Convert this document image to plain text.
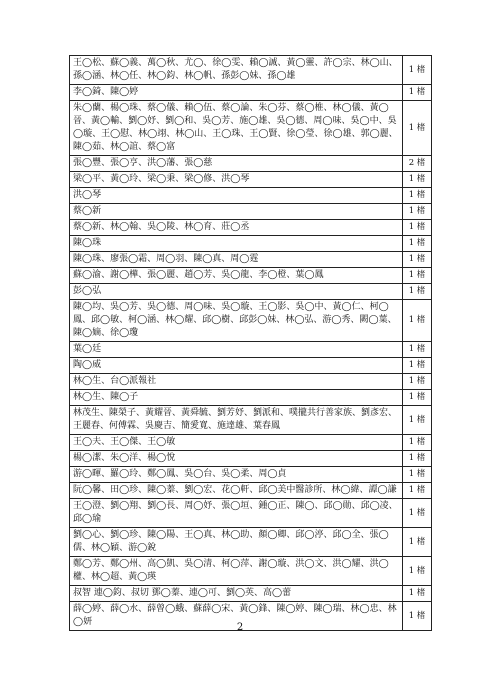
王◯松、蘇◯義、萬◯秋、尤◯、徐◯雯、賴◯誠、黃◯靈、許◯宗、林◯山、孫◯涵、林◯任、林◯鈞、林◯帆、孫彭◯妹、孫◯雄	1 楮
李◯錡、陳◯婷	1 楮
朱◯蘭、楊◯珠、蔡◯儀、賴◯伍、蔡◯論、朱◯芬、蔡◯椎、林◯儀、黃◯晉、黃◯輸、劉◯妤、劉◯和、吳◯芳、施◯雄、吳◯德、周◯味、吳◯中、吳◯璇、王◯慰、林◯翊、林◯山、王◯珠、王◯賢、徐◯瑩、徐◯雄、郭◯麗、陳◯茹、林◯誼、蔡◯富	1 楮
張◯豐、張◯亨、洪◯藩、張◯慈	2 楮
梁◯平、黃◯玲、梁◯秉、梁◯修、洪◯琴	1 楮
洪◯琴	1 楮
蔡◯新	1 楮
蔡◯新、林◯翰、吳◯陵、林◯育、莊◯丞	1 楮
陳◯珠	1 楮
陳◯珠、廖張◯霜、周◯羽、陳◯真、周◯霆	1 楮
蘇◯渝、謝◯樺、張◯麗、趙◯芳、吳◯龍、李◯橙、葉◯鳳	1 楮
彭◯弘	1 楮
陳◯均、吳◯芳、吳◯德、周◯味、吳◯璇、王◯影、吳◯中、黃◯仁、柯◯鳳、邱◯敏、柯◯涵、林◯耀、邱◯樹、邱彭◯妹、林◯弘、游◯秀、闕◯葉、陳◯嫡、徐◯瓊	1 楮
葉◯廷	1 楮
陶◯威	1 楮
林◯生、台◯派報社	1 楮
林◯生、陳◯子	1 楮
林茂生、陳榮子、黃耀晉、黃舜毓、劉芳妤、劉派和、噗攏共行善家族、劉彥宏、王麗春、何傅霖、吳慶吉、簡愛寬、施達雄、葉春鳳	1 楮
王◯夫、王◯傑、王◯敏	1 楮
楊◯潔、朱◯洋、楊◯悅	1 楮
游◯暉、羅◯玲、鄭◯鳳、吳◯台、吳◯柔、周◯貞	1 楮
阮◯馨、田◯珍、陳◯蓁、劉◯宏、花◯軒、邱◯美中醫診所、林◯緯、譚◯謙	1 楮
王◯澄、劉◯翔、劉◯長、周◯妤、張◯垣、鍾◯正、陳◯、邱◯勛、邱◯凌、邱◯瑜	1 楮
劉◯心、劉◯珍、陳◯陽、王◯真、林◯助、顏◯卿、邱◯渟、邱◯全、張◯儒、林◯穎、游◯銳	1 楮
鄭◯芳、鄭◯州、高◯凱、吳◯清、柯◯萍、謝◯璇、洪◯文、洪◯耀、洪◯權、林◯超、黃◯瑛	1 楮
叔智 連◯鈞、叔切 鄧◯蓁、連◯可、劉◯英、高◯蕾	1 楮
薛◯婷、薛◯水、薛曾◯蛾、蘇薛◯宋、黃◯鋒、陳◯婷、陳◯瑞、林◯忠、林◯妍	1 楮
2
